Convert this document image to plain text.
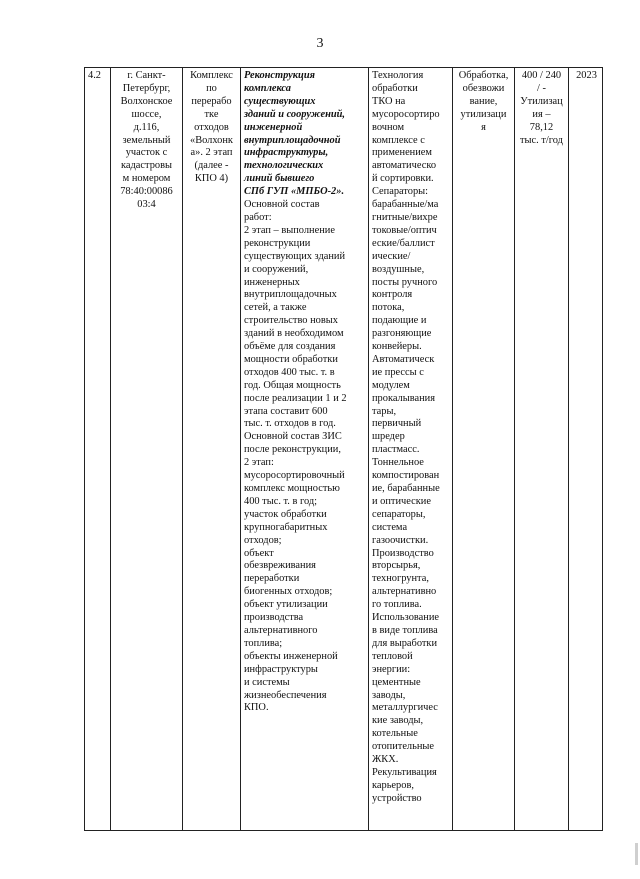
3
4.2	г. Санкт-
Петербург,
Волхонское
шоссе,
д.116,
земельный
участок с
кадастровы
м номером
78:40:00086
03:4
Комплекс
по
перерабо
тке
отходов
«Волхонк
а». 2 этап
(далее -
КПО 4)
Реконструкция
комплекса
существующих
зданий и сооружений,
инженерной
внутриплощадочной
инфраструктуры,
технологических
линий бывшего
СПб ГУП «МПБО-2».
Основной состав
работ:
2 этап – выполнение
реконструкции
существующих зданий
и сооружений,
инженерных
внутриплощадочных
сетей, а также
строительство новых
зданий в необходимом
объёме для создания
мощности обработки
отходов 400 тыс. т. в
год. Общая мощность
после реализации 1 и 2
этапа составит 600
тыс. т. отходов в год.
Основной состав ЗИС
после реконструкции,
2 этап:
мусоросортировочный
комплекс мощностью
400 тыс. т. в год;
участок обработки
крупногабаритных
отходов;
объект
обезвреживания
переработки
биогенных отходов;
объект утилизации
производства
альтернативного
топлива;
объекты инженерной
инфраструктуры
и системы
жизнеобеспечения
КПО.
Технология
обработки
ТКО на
мусоросортиро
вочном
комплексе с
применением
автоматическо
й сортировки.
Сепараторы:
барабанные/ма
гнитные/вихре
токовые/оптич
еские/баллист
ические/
воздушные,
посты ручного
контроля
потока,
подающие и
разгоняющие
конвейеры.
Автоматическ
ие прессы с
модулем
прокалывания
тары,
первичный
шредер
пластмасс.
Тоннельное
компостирован
ие, барабанные
и оптические
сепараторы,
система
газоочистки.
Производство
вторсырья,
техногрунта,
альтернативно
го топлива.
Использование
в виде топлива
для выработки
тепловой
энергии:
цементные
заводы,
металлургичес
кие заводы,
котельные
отопительные
ЖКХ.
Рекультивация
карьеров,
устройство
Обработка,
обезвожи
вание,
утилизаци
я
400 / 240
/ -
Утилизац
ия –
78,12
тыс. т/год
2023
